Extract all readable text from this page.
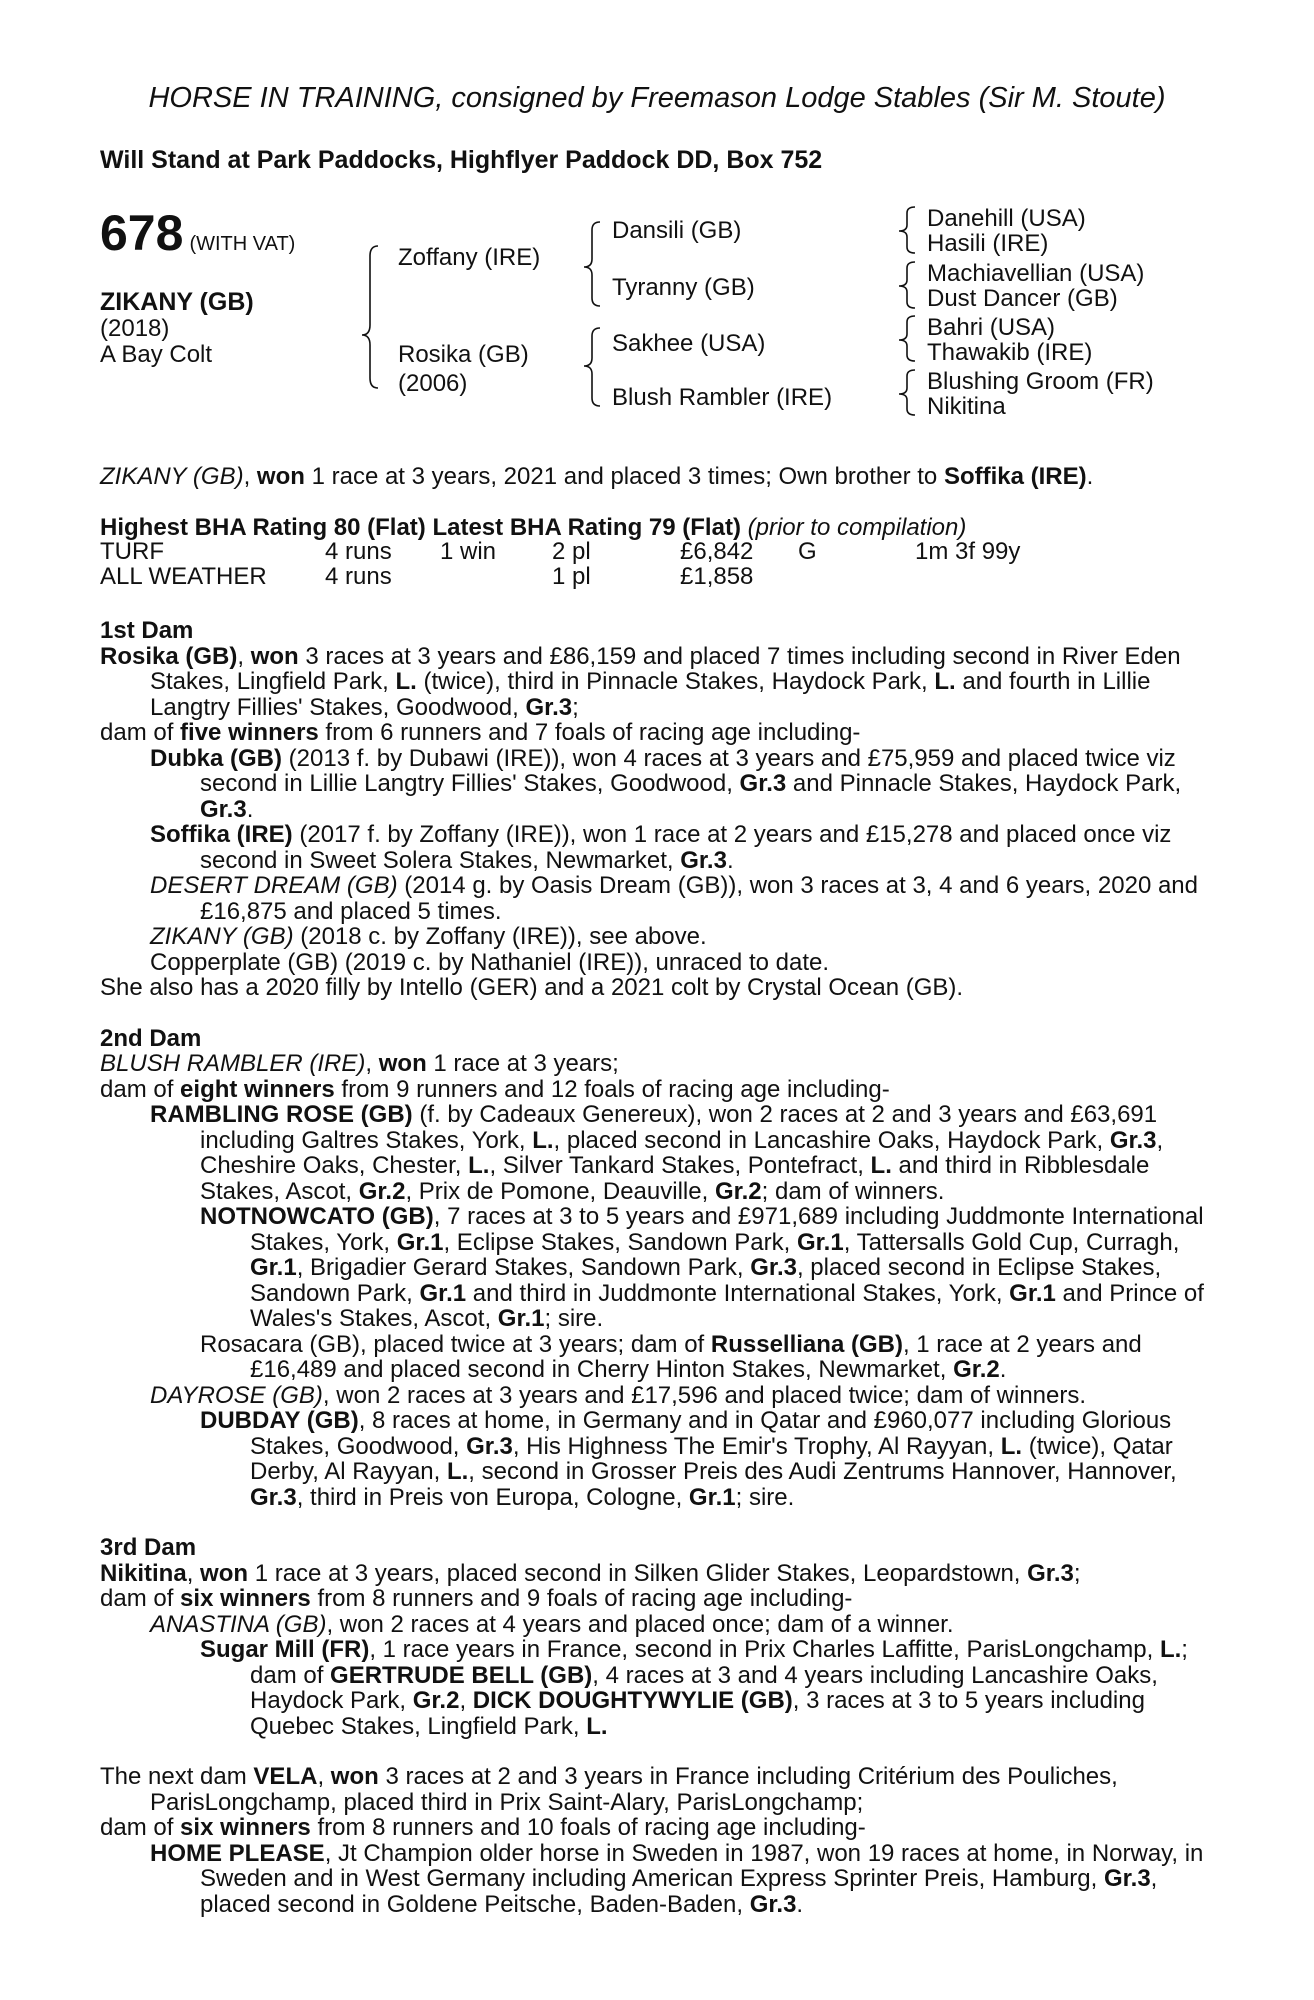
HORSE IN TRAINING, consigned by Freemason Lodge Stables (Sir M. Stoute)
Will Stand at Park Paddocks, Highflyer Paddock DD, Box 752
678 (WITH VAT)
ZIKANY (GB)
(2018)
A Bay Colt
Zoffany (IRE)
Rosika (GB)
(2006)
Dansili (GB)
Tyranny (GB)
Sakhee (USA)
Blush Rambler (IRE)
Danehill (USA)
Hasili (IRE)
Machiavellian (USA)
Dust Dancer (GB)
Bahri (USA)
Thawakib (IRE)
Blushing Groom (FR)
Nikitina
ZIKANY (GB), won 1 race at 3 years, 2021 and placed 3 times; Own brother to Soffika (IRE).
Highest BHA Rating 80 (Flat) Latest BHA Rating 79 (Flat) (prior to compilation)
TURF	4 runs	1 win	2 pl	£6,842	G	1m 3f 99y
ALL WEATHER	4 runs		1 pl	£1,858		

1st Dam

Rosika (GB), won 3 races at 3 years and £86,159 and placed 7 times including second in River Eden Stakes, Lingfield Park, L. (twice), third in Pinnacle Stakes, Haydock Park, L. and fourth in Lillie Langtry Fillies' Stakes, Goodwood, Gr.3;

dam of five winners from 6 runners and 7 foals of racing age including-

Dubka (GB) (2013 f. by Dubawi (IRE)), won 4 races at 3 years and £75,959 and placed twice viz second in Lillie Langtry Fillies' Stakes, Goodwood, Gr.3 and Pinnacle Stakes, Haydock Park, Gr.3.

Soffika (IRE) (2017 f. by Zoffany (IRE)), won 1 race at 2 years and £15,278 and placed once viz second in Sweet Solera Stakes, Newmarket, Gr.3.

DESERT DREAM (GB) (2014 g. by Oasis Dream (GB)), won 3 races at 3, 4 and 6 years, 2020 and £16,875 and placed 5 times.

ZIKANY (GB) (2018 c. by Zoffany (IRE)), see above.

Copperplate (GB) (2019 c. by Nathaniel (IRE)), unraced to date.

She also has a 2020 filly by Intello (GER) and a 2021 colt by Crystal Ocean (GB).

2nd Dam

BLUSH RAMBLER (IRE), won 1 race at 3 years;

dam of eight winners from 9 runners and 12 foals of racing age including-

RAMBLING ROSE (GB) (f. by Cadeaux Genereux), won 2 races at 2 and 3 years and £63,691 including Galtres Stakes, York, L., placed second in Lancashire Oaks, Haydock Park, Gr.3, Cheshire Oaks, Chester, L., Silver Tankard Stakes, Pontefract, L. and third in Ribblesdale Stakes, Ascot, Gr.2, Prix de Pomone, Deauville, Gr.2; dam of winners.

NOTNOWCATO (GB), 7 races at 3 to 5 years and £971,689 including Juddmonte International Stakes, York, Gr.1, Eclipse Stakes, Sandown Park, Gr.1, Tattersalls Gold Cup, Curragh, Gr.1, Brigadier Gerard Stakes, Sandown Park, Gr.3, placed second in Eclipse Stakes, Sandown Park, Gr.1 and third in Juddmonte International Stakes, York, Gr.1 and Prince of Wales's Stakes, Ascot, Gr.1; sire.

Rosacara (GB), placed twice at 3 years; dam of Russelliana (GB), 1 race at 2 years and £16,489 and placed second in Cherry Hinton Stakes, Newmarket, Gr.2.

DAYROSE (GB), won 2 races at 3 years and £17,596 and placed twice; dam of winners.

DUBDAY (GB), 8 races at home, in Germany and in Qatar and £960,077 including Glorious Stakes, Goodwood, Gr.3, His Highness The Emir's Trophy, Al Rayyan, L. (twice), Qatar Derby, Al Rayyan, L., second in Grosser Preis des Audi Zentrums Hannover, Hannover, Gr.3, third in Preis von Europa, Cologne, Gr.1; sire.

3rd Dam

Nikitina, won 1 race at 3 years, placed second in Silken Glider Stakes, Leopardstown, Gr.3;

dam of six winners from 8 runners and 9 foals of racing age including-

ANASTINA (GB), won 2 races at 4 years and placed once; dam of a winner.

Sugar Mill (FR), 1 race years in France, second in Prix Charles Laffitte, ParisLongchamp, L.; dam of GERTRUDE BELL (GB), 4 races at 3 and 4 years including Lancashire Oaks, Haydock Park, Gr.2, DICK DOUGHTYWYLIE (GB), 3 races at 3 to 5 years including Quebec Stakes, Lingfield Park, L.

The next dam VELA, won 3 races at 2 and 3 years in France including Critérium des Pouliches, ParisLongchamp, placed third in Prix Saint-Alary, ParisLongchamp;

dam of six winners from 8 runners and 10 foals of racing age including-

HOME PLEASE, Jt Champion older horse in Sweden in 1987, won 19 races at home, in Norway, in Sweden and in West Germany including American Express Sprinter Preis, Hamburg, Gr.3, placed second in Goldene Peitsche, Baden-Baden, Gr.3.
